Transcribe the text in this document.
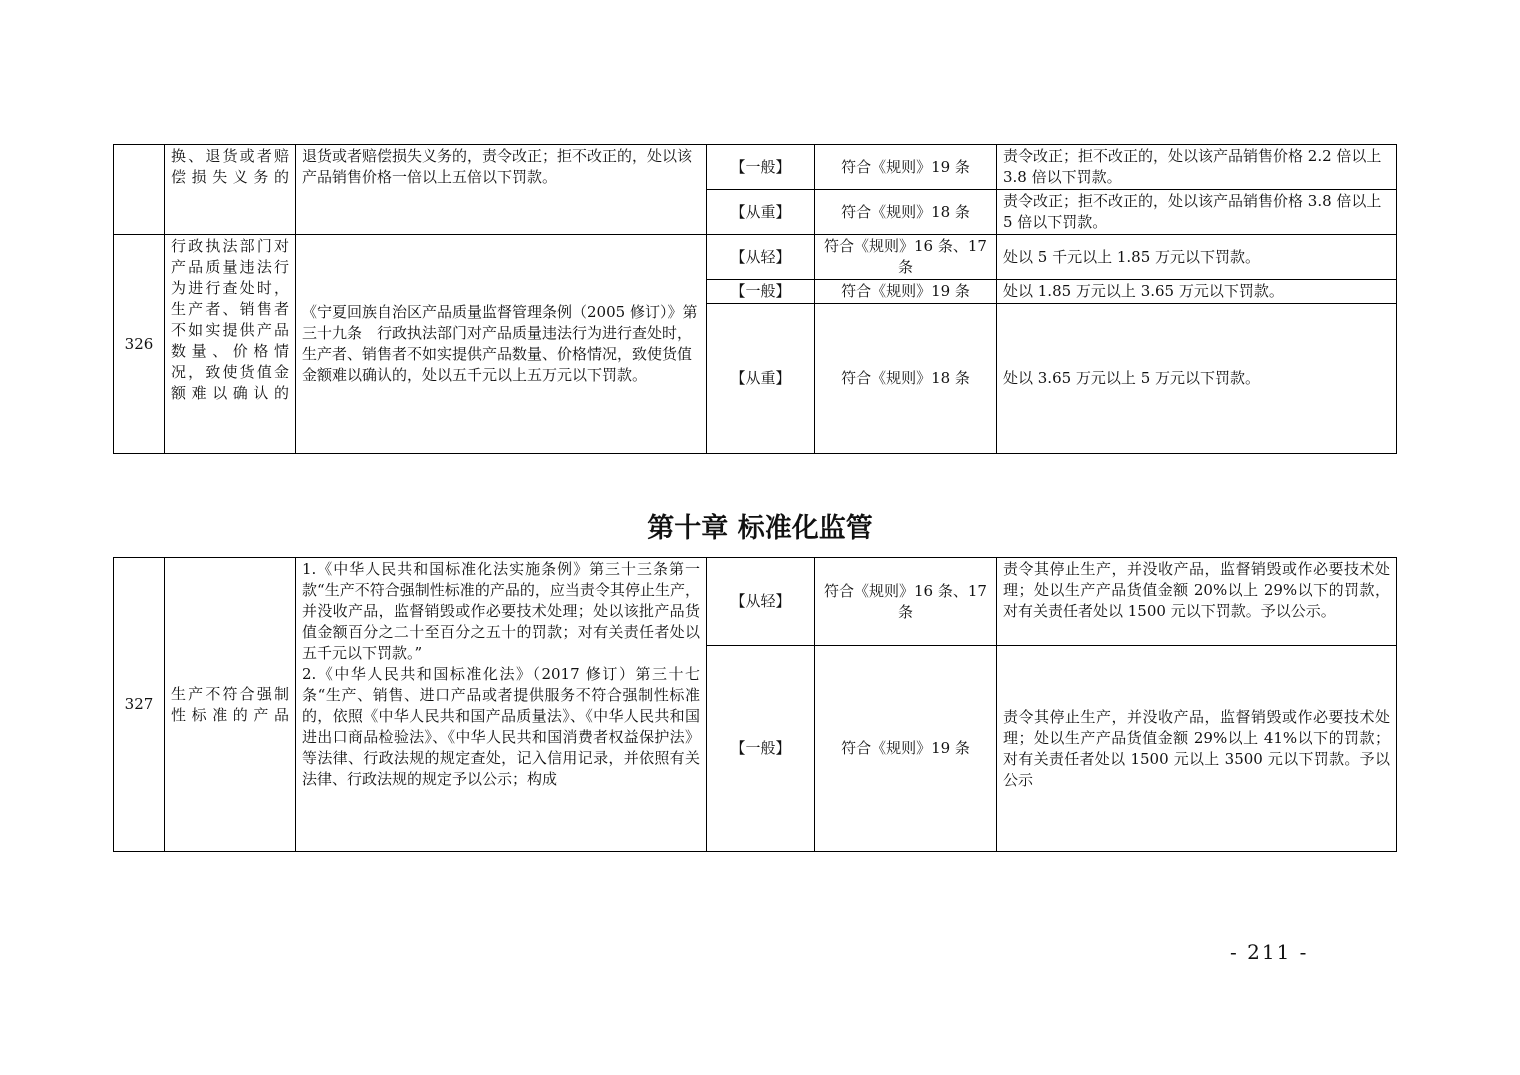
	换、退货或者赔偿损失义务的	退货或者赔偿损失义务的，责令改正；拒不改正的，处以该产品销售价格一倍以上五倍以下罚款。	【一般】	符合《规则》19 条	责令改正；拒不改正的，处以该产品销售价格 2.2 倍以上 3.8 倍以下罚款。
			【从重】	符合《规则》18 条	责令改正；拒不改正的，处以该产品销售价格 3.8 倍以上 5 倍以下罚款。
326	行政执法部门对产品质量违法行为进行查处时，生产者、销售者不如实提供产品数量、价格情况，致使货值金额难以确认的	《宁夏回族自治区产品质量监督管理条例（2005 修订）》第三十九条　行政执法部门对产品质量违法行为进行查处时，生产者、销售者不如实提供产品数量、价格情况，致使货值金额难以确认的，处以五千元以上五万元以下罚款。	【从轻】	符合《规则》16 条、17 条	处以 5 千元以上 1.85 万元以下罚款。
			【一般】	符合《规则》19 条	处以 1.85 万元以上 3.65 万元以下罚款。
			【从重】	符合《规则》18 条	处以 3.65 万元以上 5 万元以下罚款。
第十章 标准化监管
327	生产不符合强制性标准的产品	1.《中华人民共和国标准化法实施条例》第三十三条第一款“生产不符合强制性标准的产品的，应当责令其停止生产，并没收产品，监督销毁或作必要技术处理；处以该批产品货值金额百分之二十至百分之五十的罚款；对有关责任者处以五千元以下罚款。”
2.《中华人民共和国标准化法》（2017 修订）第三十七条“生产、销售、进口产品或者提供服务不符合强制性标准的，依照《中华人民共和国产品质量法》、《中华人民共和国进出口商品检验法》、《中华人民共和国消费者权益保护法》等法律、行政法规的规定查处，记入信用记录，并依照有关法律、行政法规的规定予以公示；构成	【从轻】	符合《规则》16 条、17 条	责令其停止生产，并没收产品，监督销毁或作必要技术处理；处以生产产品货值金额 20%以上 29%以下的罚款，对有关责任者处以 1500 元以下罚款。予以公示。
			【一般】	符合《规则》19 条	责令其停止生产，并没收产品，监督销毁或作必要技术处理；处以生产产品货值金额 29%以上 41%以下的罚款；对有关责任者处以 1500 元以上 3500 元以下罚款。予以公示
- 211 -
